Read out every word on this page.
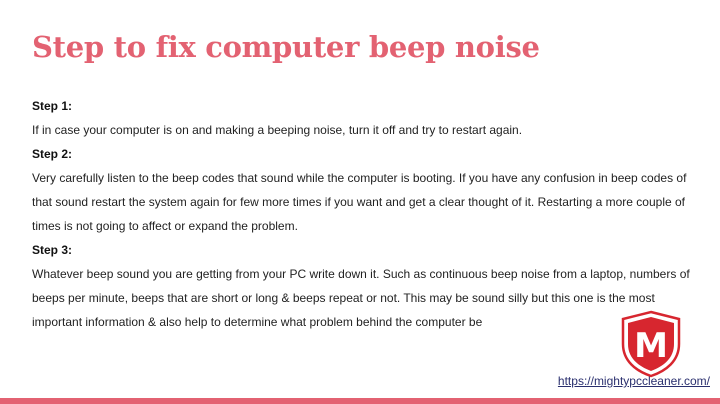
Step to fix computer beep noise
Step 1:

If in case your computer is on and making a beeping noise, turn it off and try to restart again.

Step 2:

Very carefully listen to the beep codes that sound while the computer is booting. If you have any confusion in beep codes of that sound restart the system again for few more times if you want and get a clear thought of it. Restarting a more couple of times is not going to affect or expand the problem.

Step 3:

Whatever beep sound you are getting from your PC write down it. Such as continuous beep noise from a laptop, numbers of beeps per minute, beeps that are short or long & beeps repeat or not. This may be sound silly but this one is the most important information & also help to determine what problem behind the computer be

M
https://mightypccleaner.com/
